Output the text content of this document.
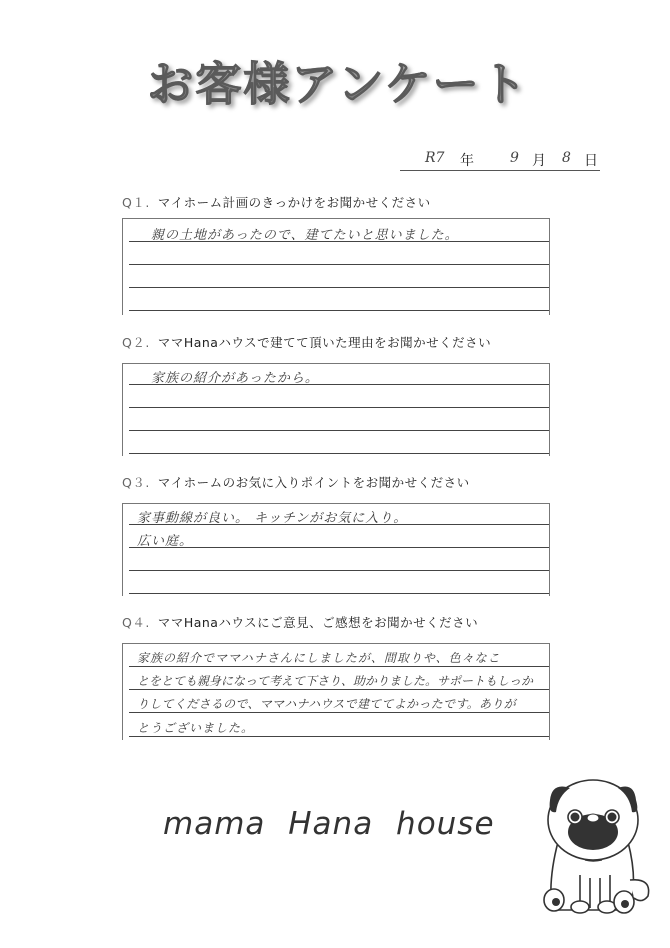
お客様アンケート
R7 年	9 月 8 日
Q１. マイホーム計画のきっかけをお聞かせください
親の土地があったので、建てたいと思いました。
Q２. ママHanaハウスで建てて頂いた理由をお聞かせください
家族の紹介があったから。
Q３. マイホームのお気に入りポイントをお聞かせください
家事動線が良い。 キッチンがお気に入り。
広い庭。
Q４. ママHanaハウスにご意見、ご感想をお聞かせください
家族の紹介でママハナさんにしましたが、間取りや、色々なこ
とをとても親身になって考えて下さり、助かりました。サポートもしっか
りしてくださるので、ママハナハウスで建ててよかったです。ありが
とうございました。
mama Hana house
